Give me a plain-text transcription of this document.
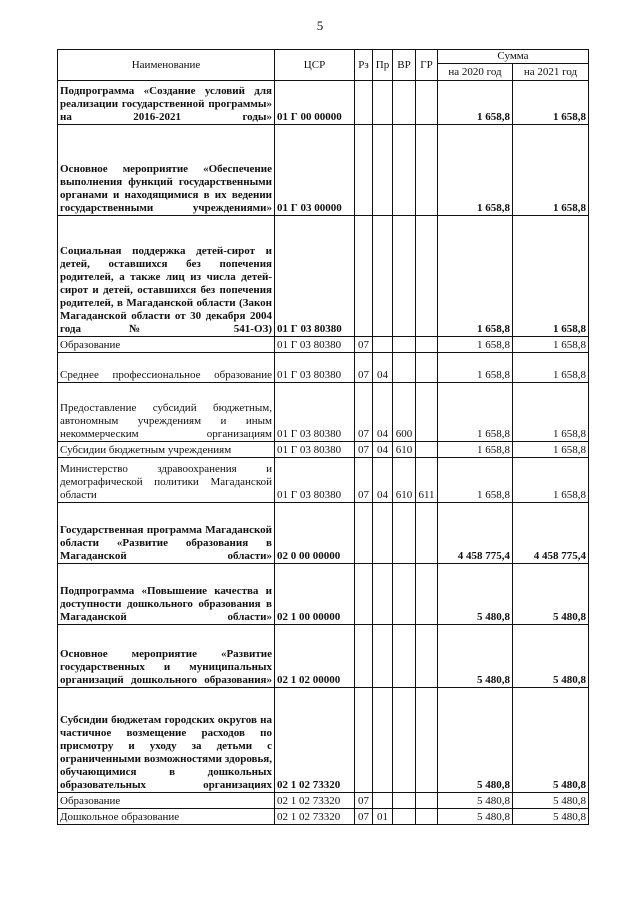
5
Наименование	ЦСР	Рз	Пр	ВР	ГР	Сумма	
						на 2020 год	на 2021 год
Подпрограмма «Создание условий для реализации государственной программы» на 2016-2021 годы»	01 Г 00 00000					1 658,8	1 658,8
Основное мероприятие «Обеспечение выполнения функций государственными органами и находящимися в их ведении государственными учреждениями»	01 Г 03 00000					1 658,8	1 658,8
Социальная поддержка детей-сирот и детей, оставшихся без попечения родителей, а также лиц из числа детей-сирот и детей, оставшихся без попечения родителей, в Магаданской области (Закон Магаданской области от 30 декабря 2004 года № 541-ОЗ)	01 Г 03 80380					1 658,8	1 658,8
Образование	01 Г 03 80380	07				1 658,8	1 658,8
Среднее профессиональное образование	01 Г 03 80380	07	04			1 658,8	1 658,8
Предоставление субсидий бюджетным, автономным учреждениям и иным некоммерческим организациям	01 Г 03 80380	07	04	600		1 658,8	1 658,8
Субсидии бюджетным учреждениям	01 Г 03 80380	07	04	610		1 658,8	1 658,8
Министерство здравоохранения и демографической политики Магаданской области	01 Г 03 80380	07	04	610	611	1 658,8	1 658,8
Государственная программа Магаданской области «Развитие образования в Магаданской области»	02 0 00 00000					4 458 775,4	4 458 775,4
Подпрограмма «Повышение качества и доступности дошкольного образования в Магаданской области»	02 1 00 00000					5 480,8	5 480,8
Основное мероприятие «Развитие государственных и муниципальных организаций дошкольного образования»	02 1 02 00000					5 480,8	5 480,8
Субсидии бюджетам городских округов на частичное возмещение расходов по присмотру и уходу за детьми с ограниченными возможностями здоровья, обучающимися в дошкольных образовательных организациях	02 1 02 73320					5 480,8	5 480,8
Образование	02 1 02 73320	07				5 480,8	5 480,8
Дошкольное образование	02 1 02 73320	07	01			5 480,8	5 480,8
